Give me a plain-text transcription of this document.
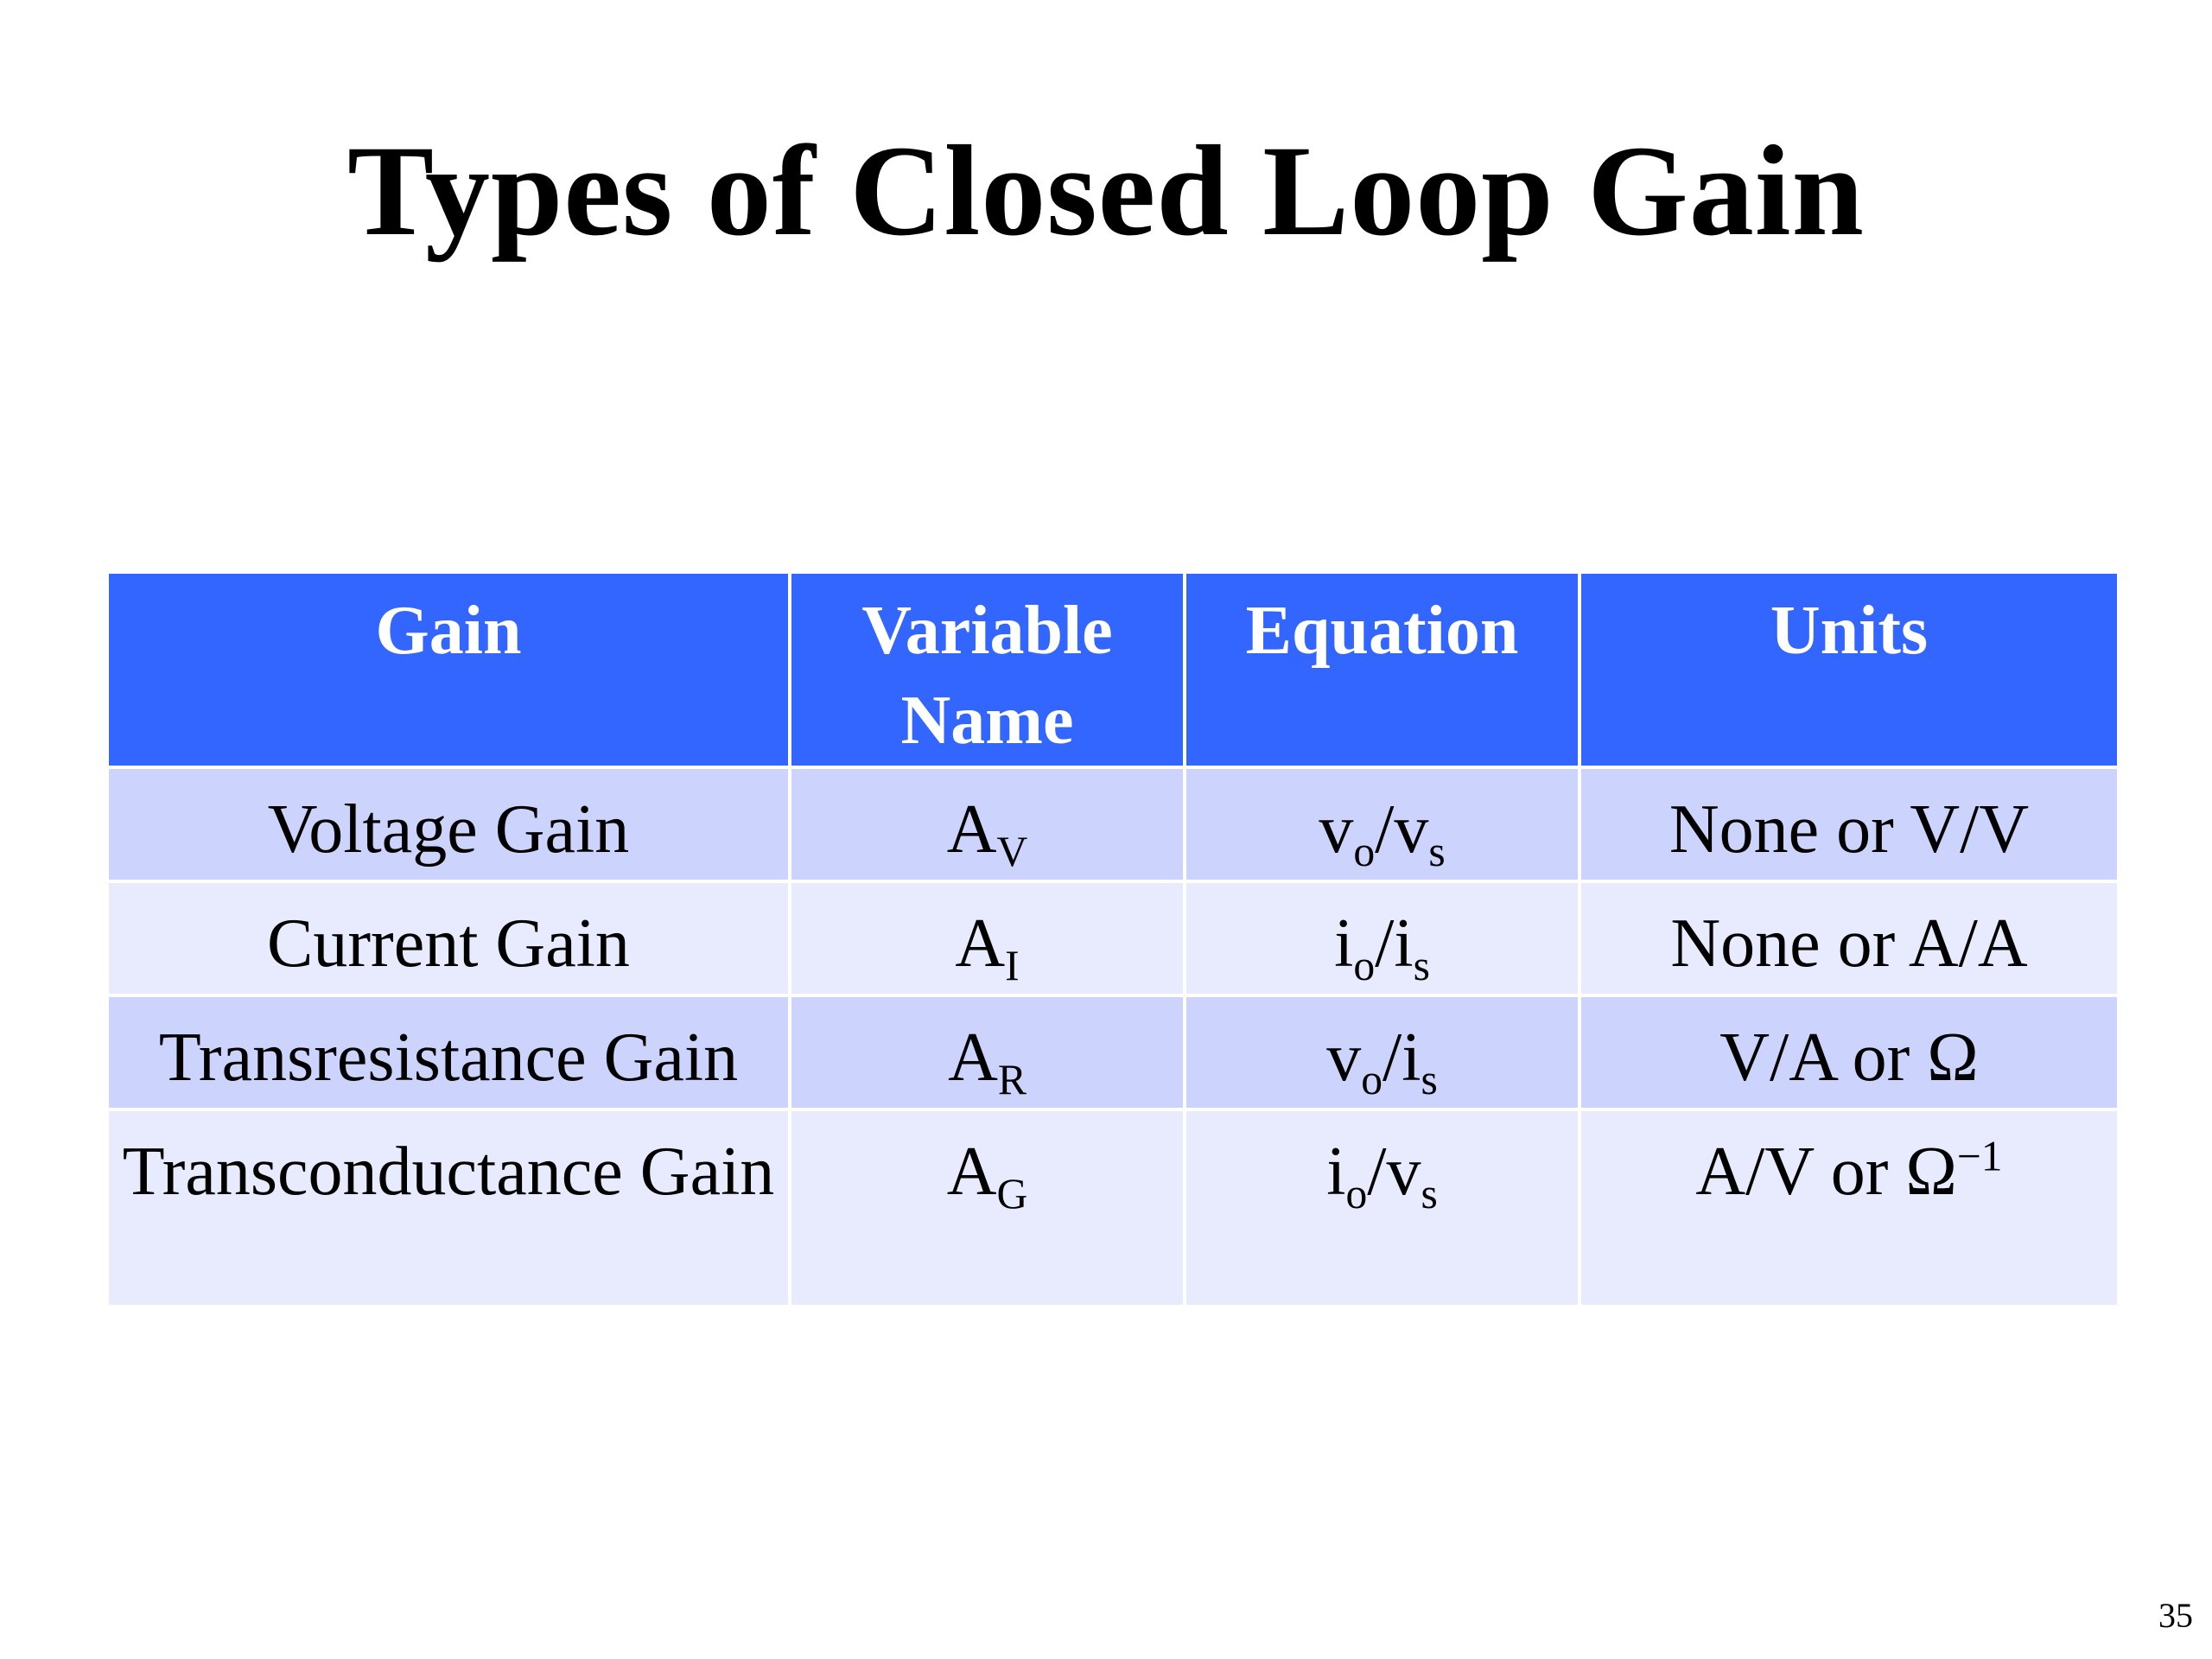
Types of Closed Loop Gain
Gain	Variable Name	Equation	Units
Voltage Gain	$A_V$	$v_o/v_s$	None or V/V
Current Gain	$A_I$	$i_o/i_s$	None or A/A
Transresistance Gain	$A_R$	$v_o/i_s$	V/A or Ω
Transconductance Gain	$A_G$	$i_o/v_s$	A/V or $\Omega^{-1}$
35
